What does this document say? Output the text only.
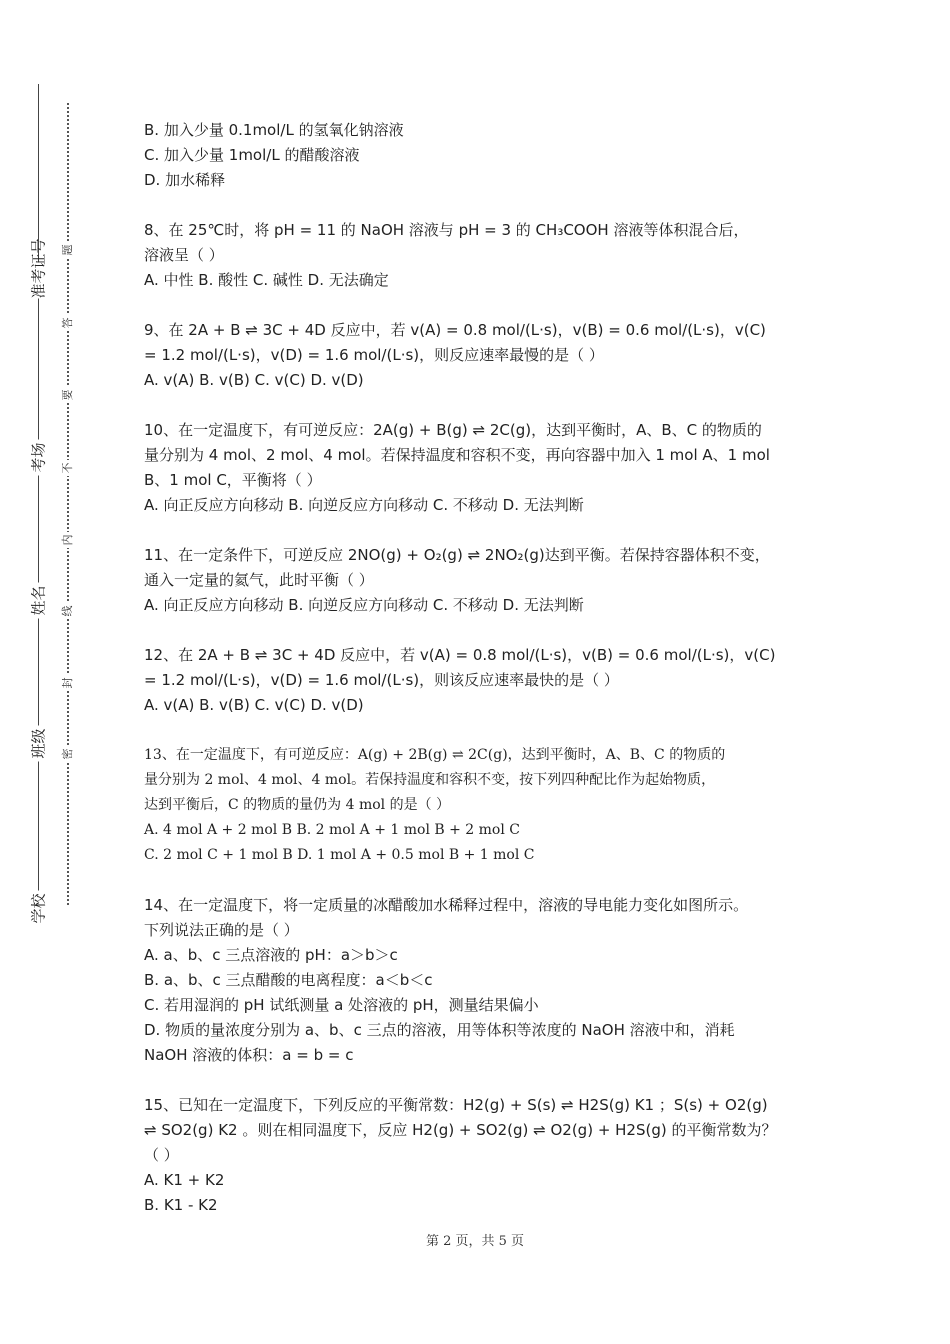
准考证号
考场
姓名
班级
学校
题
答
要
不
内
线
封
密
B. 加入少量 0.1mol/L 的氢氧化钠溶液
C. 加入少量 1mol/L 的醋酸溶液
D. 加水稀释
8、在 25℃时，将 pH = 11 的 NaOH 溶液与 pH = 3 的 CH₃COOH 溶液等体积混合后，
溶液呈（ ）
A. 中性 B. 酸性 C. 碱性 D. 无法确定
9、在 2A + B ⇌ 3C + 4D 反应中，若 v(A) = 0.8 mol/(L·s)，v(B) = 0.6 mol/(L·s)，v(C)
= 1.2 mol/(L·s)，v(D) = 1.6 mol/(L·s)，则反应速率最慢的是（ ）
A. v(A) B. v(B) C. v(C) D. v(D)
10、在一定温度下，有可逆反应：2A(g) + B(g) ⇌ 2C(g)，达到平衡时，A、B、C 的物质的
量分别为 4 mol、2 mol、4 mol。若保持温度和容积不变，再向容器中加入 1 mol A、1 mol
B、1 mol C，平衡将（ ）
A. 向正反应方向移动 B. 向逆反应方向移动 C. 不移动 D. 无法判断
11、在一定条件下，可逆反应 2NO(g) + O₂(g) ⇌ 2NO₂(g)达到平衡。若保持容器体积不变，
通入一定量的氦气，此时平衡（ ）
A. 向正反应方向移动 B. 向逆反应方向移动 C. 不移动 D. 无法判断
12、在 2A + B ⇌ 3C + 4D 反应中，若 v(A) = 0.8 mol/(L·s)，v(B) = 0.6 mol/(L·s)，v(C)
= 1.2 mol/(L·s)，v(D) = 1.6 mol/(L·s)，则该反应速率最快的是（ ）
A. v(A) B. v(B) C. v(C) D. v(D)
13、在一定温度下，有可逆反应：A(g) + 2B(g) ⇌ 2C(g)，达到平衡时，A、B、C 的物质的
量分别为 2 mol、4 mol、4 mol。若保持温度和容积不变，按下列四种配比作为起始物质，
达到平衡后，C 的物质的量仍为 4 mol 的是（ ）
A. 4 mol A + 2 mol B B. 2 mol A + 1 mol B + 2 mol C
C. 2 mol C + 1 mol B D. 1 mol A + 0.5 mol B + 1 mol C
14、在一定温度下，将一定质量的冰醋酸加水稀释过程中，溶液的导电能力变化如图所示。
下列说法正确的是（ ）
A. a、b、c 三点溶液的 pH：a＞b＞c
B. a、b、c 三点醋酸的电离程度：a＜b＜c
C. 若用湿润的 pH 试纸测量 a 处溶液的 pH，测量结果偏小
D. 物质的量浓度分别为 a、b、c 三点的溶液，用等体积等浓度的 NaOH 溶液中和，消耗
NaOH 溶液的体积：a = b = c
15、已知在一定温度下，下列反应的平衡常数：H2(g) + S(s) ⇌ H2S(g) K1 ；S(s) + O2(g)
⇌ SO2(g) K2 。则在相同温度下，反应 H2(g) + SO2(g) ⇌ O2(g) + H2S(g) 的平衡常数为？
（ ）
A. K1 + K2
B. K1 - K2
第 2 页，共 5 页
